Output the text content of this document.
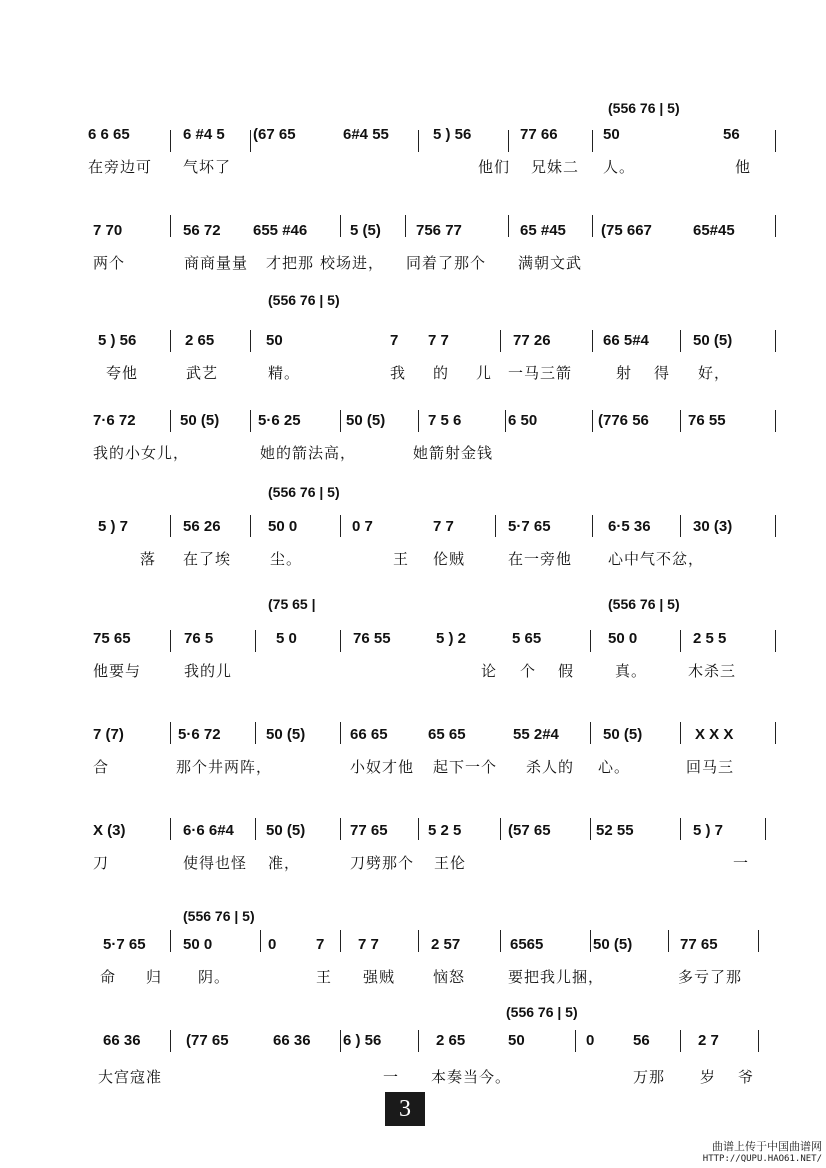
(556 76 | 5)
6 6 65	6 #4 5 (67 65	6#4 55	5 ) 56	77 66	50	56
在旁边可 气坏了	他们 兄妹二 人。	他
7 70	56 72 655 #46	5 (5) 756 77	65 #45 (75 667	65#45
两个	商商量量 才把那 校场进， 同着了那个 满朝文武
(556 76 | 5)
5 ) 56	2 65	50	7 7 7	77 26	66 5#4	50 (5)
夸他	武艺	精。	我 的 儿 一马三箭	射 得 好，
7·6 72	50 (5)	5·6 25	50 (5)	7 5 6	6 50	(776 56	76 55
我的小女儿，	她的箭法高，	她箭射金钱
(556 76 | 5)
5 ) 7	56 26	50 0	0 7	7 7	5·7 65	6·5 36	30 (3)
落 在了埃	尘。	王 伦贼	在一旁他 心中气不忿，
(75 65 |	(556 76 | 5)
75 65	76 5	5 0	76 55	5 ) 2	5 65	50 0	2 5 5
他要与	我的儿	论 个 假	真。	木杀三
7 (7)	5·6 72	50 (5)	66 65	65 65	55 2#4	50 (5)	X X X
合	那个井两阵，	小奴才他 起下一个 杀人的 心。	回马三
X (3)	6·6 6#4 50 (5)	77 65	5 2 5	(57 65	52 55	5 ) 7
刀	使得也怪 准，	刀劈那个 王伦	一
(556 76 | 5)
5·7 65 50 0	0	7 7 7	2 57	6565	50 (5)	77 65
命 归 阴。	王 强贼	恼怒	要把我儿捆，	多亏了那
(556 76 | 5)
66 36	(77 65	66 36 6 ) 56	2 65	50	0	56	2 7
大宫寇准	一 本奏当今。	万那 岁 爷
3
曲谱上传于中国曲谱网
HTTP://QUPU.HAO61.NET/
